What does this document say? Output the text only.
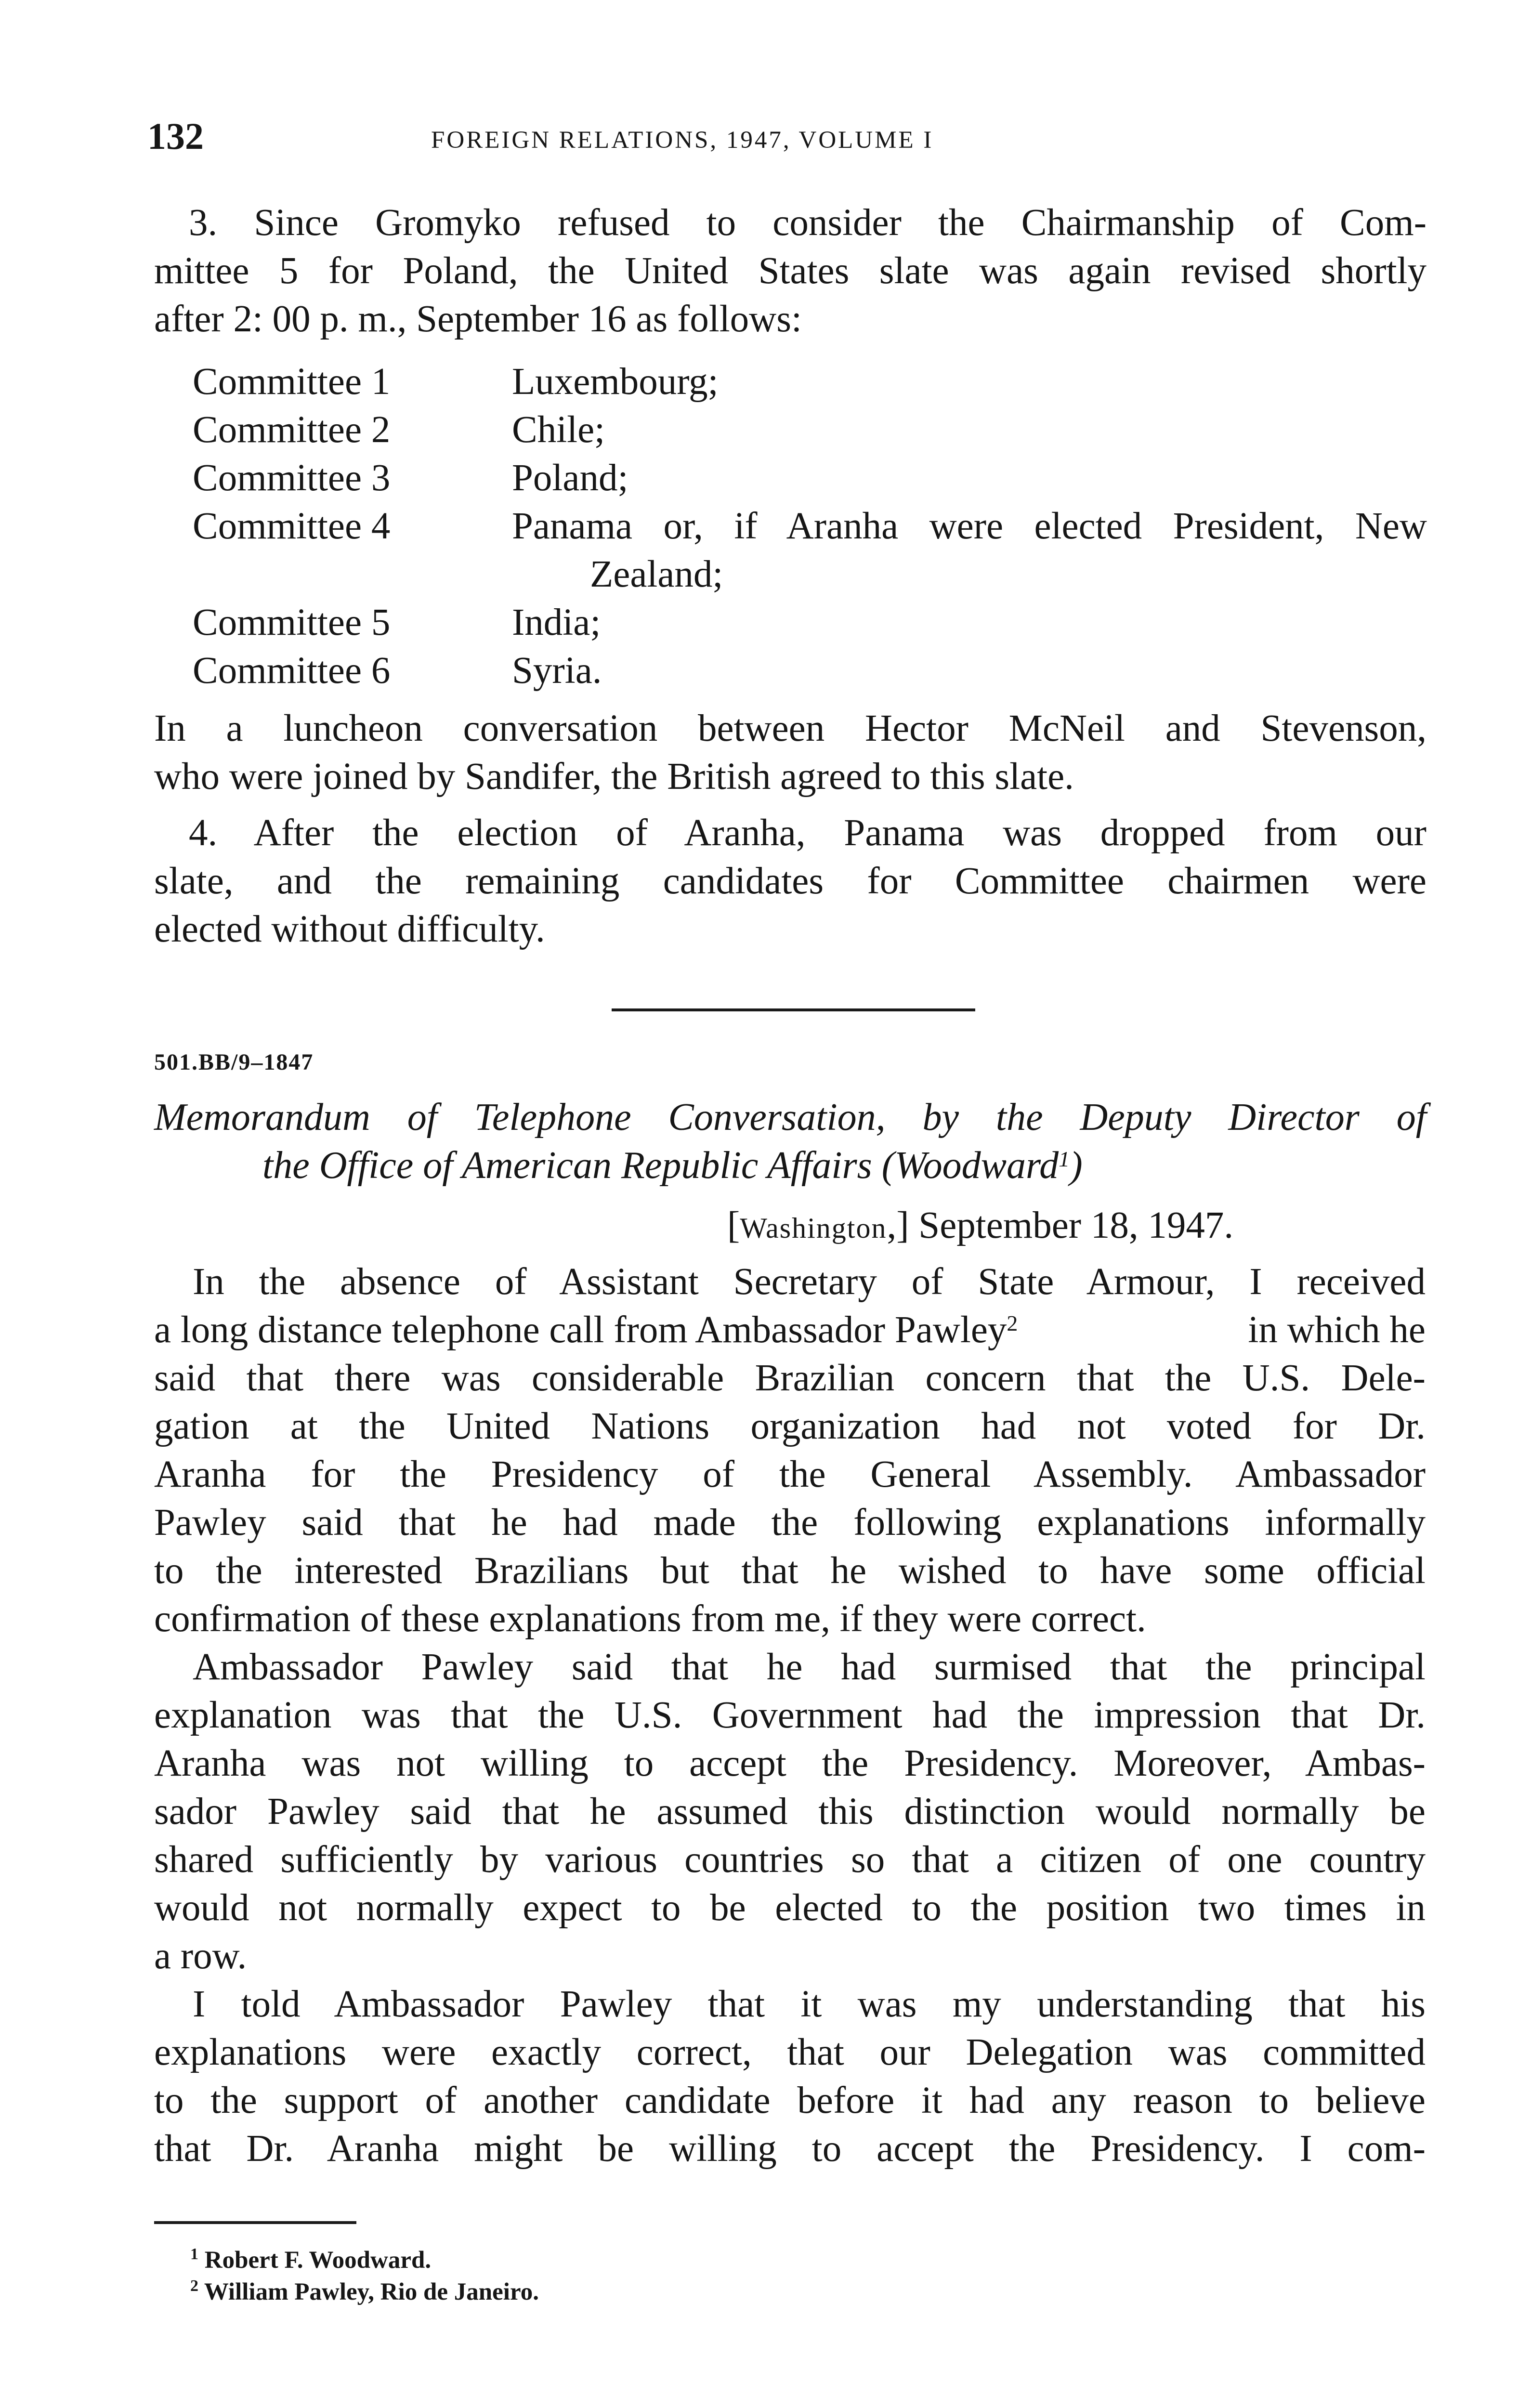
132	FOREIGN RELATIONS, 1947, VOLUME I
3. Since Gromyko refused to consider the Chairmanship of Com-
mittee 5 for Poland, the United States slate was again revised shortly
after 2: 00 p. m., September 16 as follows:
Committee 1	Luxembourg;
Committee 2	Chile;
Committee 3	Poland;
Committee 4	Panama or, if Aranha were elected President, New
Zealand;
Committee 5	India;
Committee 6	Syria.
In a luncheon conversation between Hector McNeil and Stevenson,
who were joined by Sandifer, the British agreed to this slate.
4. After the election of Aranha, Panama was dropped from our
slate, and the remaining candidates for Committee chairmen were
elected without difficulty.
501.BB/9–1847
Memorandum of Telephone Conversation, by the Deputy Director of
the Office of American Republic Affairs (Woodward$^1$)
[Washington,] September 18, 1947.
In the absence of Assistant Secretary of State Armour, I received
a long distance telephone call from Ambassador Pawley$^2$	in which he
said that there was considerable Brazilian concern that the U.S. Dele-
gation at the United Nations organization had not voted for Dr.
Aranha for the Presidency of the General Assembly. Ambassador
Pawley said that he had made the following explanations informally
to the interested Brazilians but that he wished to have some official
confirmation of these explanations from me, if they were correct.
Ambassador Pawley said that he had surmised that the principal
explanation was that the U.S. Government had the impression that Dr.
Aranha was not willing to accept the Presidency. Moreover, Ambas-
sador Pawley said that he assumed this distinction would normally be
shared sufficiently by various countries so that a citizen of one country
would not normally expect to be elected to the position two times in
a row.
I told Ambassador Pawley that it was my understanding that his
explanations were exactly correct, that our Delegation was committed
to the support of another candidate before it had any reason to believe
that Dr. Aranha might be willing to accept the Presidency. I com-
$^1$ Robert F. Woodward.
$^2$ William Pawley, Rio de Janeiro.
